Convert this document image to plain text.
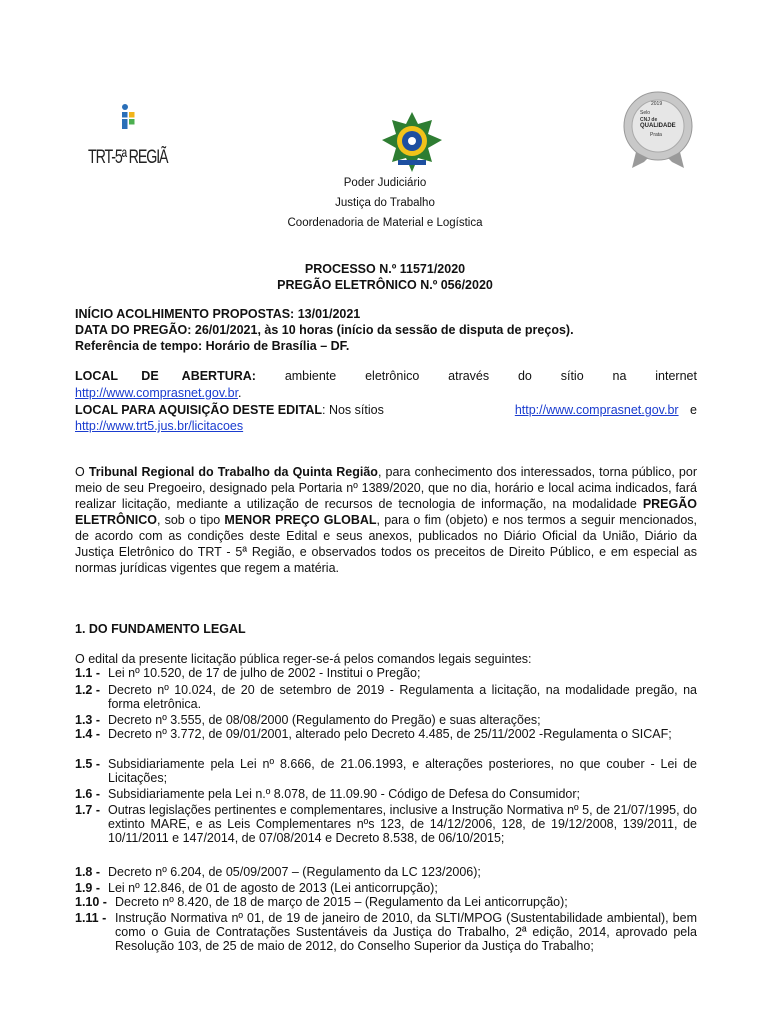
TRT-5ª REGIÃ
2019
Selo
CNJ de
QUALIDADE
Prata
Poder Judiciário
Justiça do Trabalho
Coordenadoria de Material e Logística
PROCESSO N.º 11571/2020
PREGÃO ELETRÔNICO N.º 056/2020
INÍCIO ACOLHIMENTO PROPOSTAS: 13/01/2021
DATA DO PREGÃO: 26/01/2021, às 10 horas (início da sessão de disputa de preços).
Referência de tempo: Horário de Brasília – DF.
LOCAL DE ABERTURA: ambiente eletrônico através do sítio na internet
http://www.comprasnet.gov.br.
LOCAL PARA AQUISIÇÃO DESTE EDITAL : Nos sítios	http://www.comprasnet.gov.br e
http://www.trt5.jus.br/licitacoes
O Tribunal Regional do Trabalho da Quinta Região, para conhecimento dos interessados, torna público, por meio de seu Pregoeiro, designado pela Portaria nº 1389/2020, que no dia, horário e local acima indicados, fará realizar licitação, mediante a utilização de recursos de tecnologia de informação, na modalidade PREGÃO ELETRÔNICO, sob o tipo MENOR PREÇO GLOBAL, para o fim (objeto) e nos termos a seguir mencionados, de acordo com as condições deste Edital e seus anexos, publicados no Diário Oficial da União, Diário da Justiça Eletrônico do TRT - 5ª Região, e observados todos os preceitos de Direito Público, e em especial as normas jurídicas vigentes que regem a matéria.
1. DO FUNDAMENTO LEGAL
O edital da presente licitação pública reger-se-á pelos comandos legais seguintes:
1.1 - Lei nº 10.520, de 17 de julho de 2002 - Institui o Pregão;
1.2 - Decreto nº 10.024, de 20 de setembro de 2019 - Regulamenta a licitação, na modalidade pregão, na forma eletrônica.
1.3 - Decreto nº 3.555, de 08/08/2000 (Regulamento do Pregão) e suas alterações;
1.4 - Decreto nº 3.772, de 09/01/2001, alterado pelo Decreto 4.485, de 25/11/2002 -Regulamenta o SICAF;
1.5 - Subsidiariamente pela Lei nº 8.666, de 21.06.1993, e alterações posteriores, no que couber - Lei de Licitações;
1.6 - Subsidiariamente pela Lei n.º 8.078, de 11.09.90 - Código de Defesa do Consumidor;
1.7 - Outras legislações pertinentes e complementares, inclusive a Instrução Normativa nº 5, de 21/07/1995, do extinto MARE, e as Leis Complementares nºs 123, de 14/12/2006, 128, de 19/12/2008, 139/2011, de 10/11/2011 e 147/2014, de 07/08/2014 e Decreto 8.538, de 06/10/2015;
1.8 - Decreto nº 6.204, de 05/09/2007 – (Regulamento da LC 123/2006);
1.9 - Lei nº 12.846, de 01 de agosto de 2013 (Lei anticorrupção);
1.10 - Decreto nº 8.420, de 18 de março de 2015 – (Regulamento da Lei anticorrupção);
1.11 - Instrução Normativa nº 01, de 19 de janeiro de 2010, da SLTI/MPOG (Sustentabilidade ambiental), bem como o Guia de Contratações Sustentáveis da Justiça do Trabalho, 2ª edição, 2014, aprovado pela Resolução 103, de 25 de maio de 2012, do Conselho Superior da Justiça do Trabalho;
